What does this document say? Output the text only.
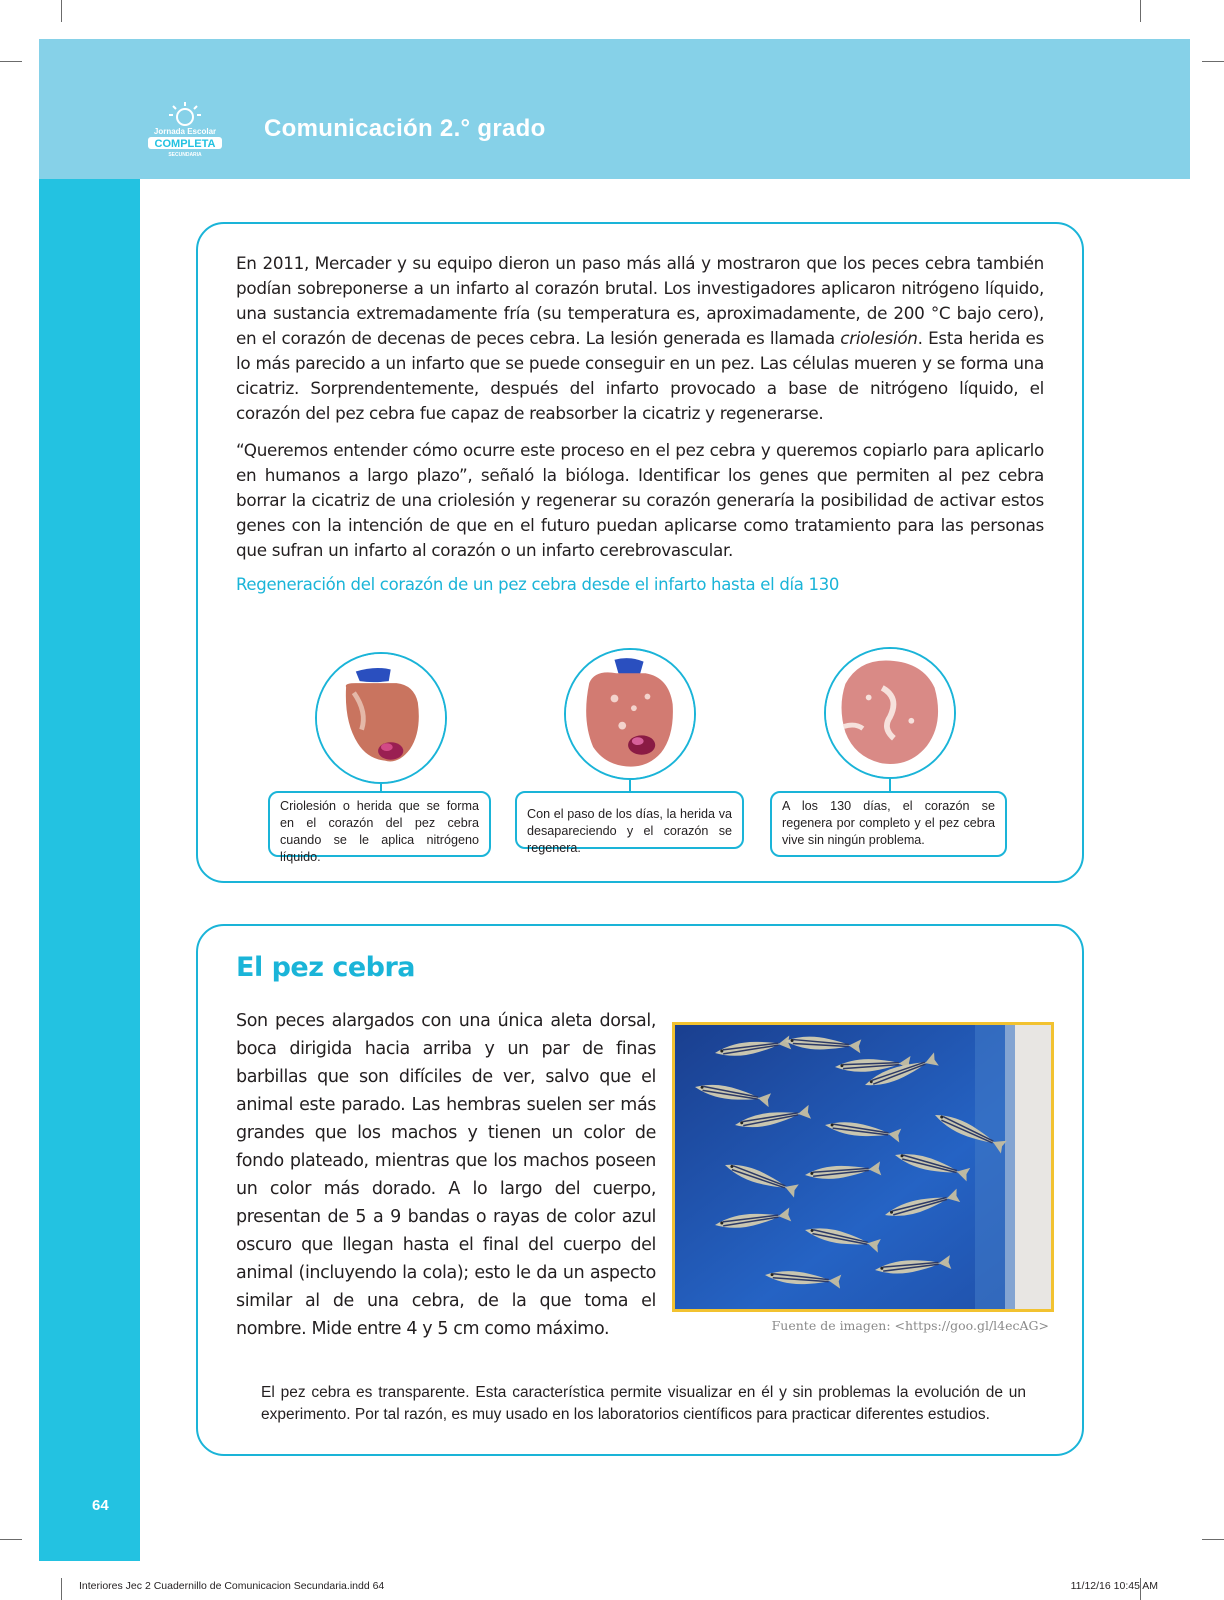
Jornada Escolar
COMPLETA
SECUNDARIA
Comunicación 2.° grado

En 2011, Mercader y su equipo dieron un paso más allá y mostraron que los peces cebra también podían sobreponerse a un infarto al corazón brutal. Los investigadores aplicaron nitrógeno líquido, una sustancia extremadamente fría (su temperatura es, aproximadamente, de 200 °C bajo cero), en el corazón de decenas de peces cebra. La lesión generada es llamada criolesión. Esta herida es lo más parecido a un infarto que se puede conseguir en un pez. Las células mueren y se forma una cicatriz. Sorprendentemente, después del infarto provocado a base de nitrógeno líquido, el corazón del pez cebra fue capaz de reabsorber la cicatriz y regenerarse.

“Queremos entender cómo ocurre este proceso en el pez cebra y queremos copiarlo para aplicarlo en humanos a largo plazo”, señaló la bióloga. Identificar los genes que permiten al pez cebra borrar la cicatriz de una criolesión y regenerar su corazón generaría la posibilidad de activar estos genes con la intención de que en el futuro puedan aplicarse como tratamiento para las personas que sufran un infarto al corazón o un infarto cerebrovascular.

Regeneración del corazón de un pez cebra desde el infarto hasta el día 130
Criolesión o herida que se forma en el corazón del pez cebra cuando se le aplica nitrógeno líquido.
Con el paso de los días, la herida va desapareciendo y el corazón se regenera.
A los 130 días, el corazón se regenera por completo y el pez cebra vive sin ningún problema.
El pez cebra

Son peces alargados con una única aleta dorsal, boca dirigida hacia arriba y un par de finas barbillas que son difíciles de ver, salvo que el animal este parado. Las hembras suelen ser más grandes que los machos y tienen un color de fondo plateado, mientras que los machos poseen un color más dorado. A lo largo del cuerpo, presentan de 5 a 9 bandas o rayas de color azul oscuro que llegan hasta el final del cuerpo del animal (incluyendo la cola); esto le da un aspecto similar al de una cebra, de la que toma el nombre. Mide entre 4 y 5 cm como máximo.	Fuente de imagen: <https://goo.gl/l4ecAG>

El pez cebra es transparente. Esta característica permite visualizar en él y sin problemas la evolución de un experimento. Por tal razón, es muy usado en los laboratorios científicos para practicar diferentes estudios.

64
Interiores Jec 2 Cuadernillo de Comunicacion Secundaria.indd 64	11/12/16 10:45 AM
